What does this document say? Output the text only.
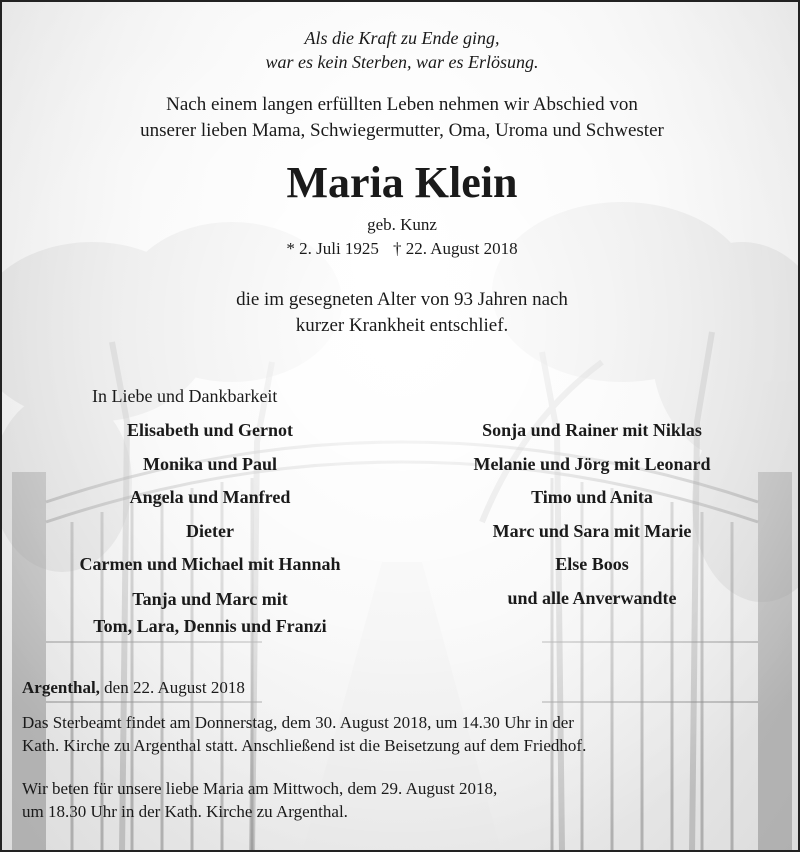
Als die Kraft zu Ende ging,
war es kein Sterben, war es Erlösung.
Nach einem langen erfüllten Leben nehmen wir Abschied von
unserer lieben Mama, Schwiegermutter, Oma, Uroma und Schwester
Maria Klein
geb. Kunz
* 2. Juli 1925 † 22. August 2018
die im gesegneten Alter von 93 Jahren nach
kurzer Krankheit entschlief.
In Liebe und Dankbarkeit
Elisabeth und Gernot
Monika und Paul
Angela und Manfred
Dieter
Carmen und Michael mit Hannah
Tanja und Marc mit
Tom, Lara, Dennis und Franzi
Sonja und Rainer mit Niklas
Melanie und Jörg mit Leonard
Timo und Anita
Marc und Sara mit Marie
Else Boos
und alle Anverwandte
Argenthal, den 22. August 2018
Das Sterbeamt findet am Donnerstag, dem 30. August 2018, um 14.30 Uhr in der
Kath. Kirche zu Argenthal statt. Anschließend ist die Beisetzung auf dem Friedhof.
Wir beten für unsere liebe Maria am Mittwoch, dem 29. August 2018,
um 18.30 Uhr in der Kath. Kirche zu Argenthal.
